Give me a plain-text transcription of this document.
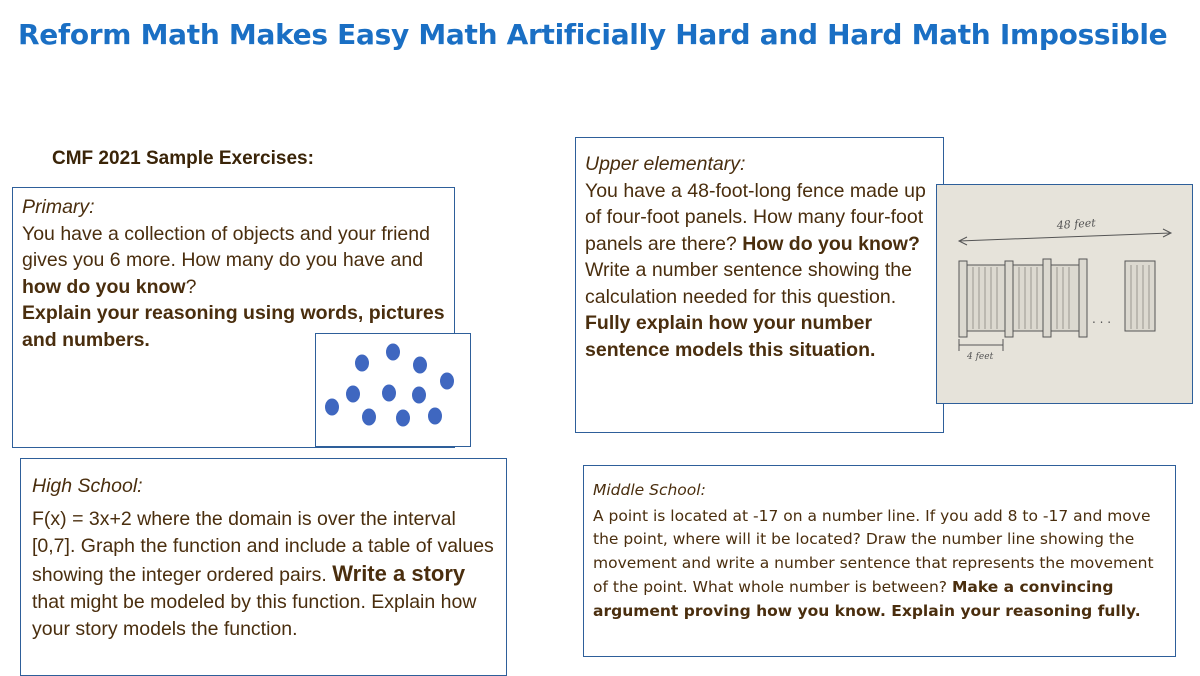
Reform Math Makes Easy Math Artificially Hard and Hard Math Impossible
CMF 2021 Sample Exercises:
Primary:
You have a collection of objects and your friend gives you 6 more. How many do you have and how do you know?
Explain your reasoning using words, pictures and numbers.
Upper elementary:
You have a 48-foot-long fence made up of four-foot panels. How many four-foot panels are there? How do you know? Write a number sentence showing the calculation needed for this question. Fully explain how your number sentence models this situation.
48 feet
. . .
4 feet
High School:
F(x) = 3x+2 where the domain is over the interval [0,7]. Graph the function and include a table of values showing the integer ordered pairs. Write a story that might be modeled by this function. Explain how your story models the function.
Middle School:
A point is located at -17 on a number line. If you add 8 to -17 and move the point, where will it be located? Draw the number line showing the movement and write a number sentence that represents the movement of the point. What whole number is between? Make a convincing argument proving how you know. Explain your reasoning fully.
